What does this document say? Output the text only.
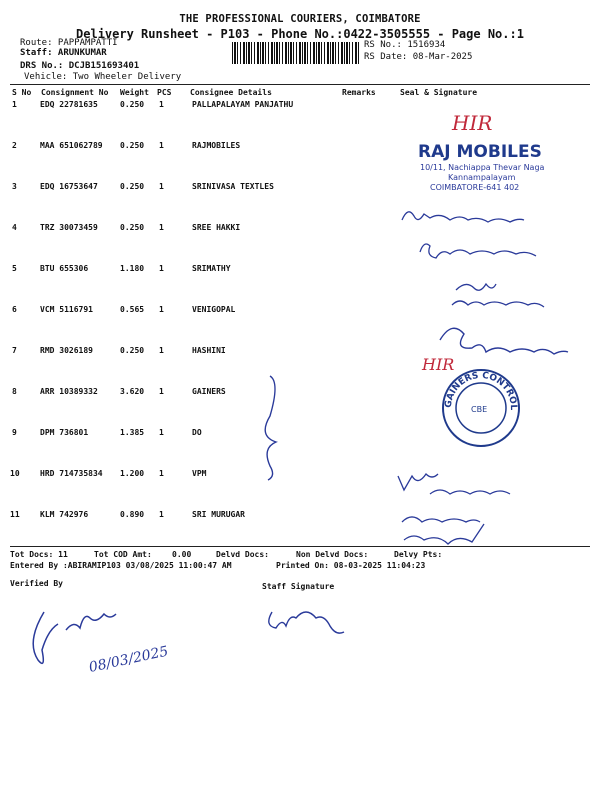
THE PROFESSIONAL COURIERS, COIMBATORE
Delivery Runsheet - P103 - Phone No.:0422-3505555 - Page No.:1
Route: PAPPAMPATTI
Staff: ARUNKUMAR
DRS No.: DCJB151693401
Vehicle: Two Wheeler Delivery
RS No.: 1516934
RS Date: 08-Mar-2025
S No Consignment No Weight PCS Consignee Details	Remarks	Seal & Signature
1	EDQ 22781635	0.250 1	PALLAPALAYAM PANJATHU
2	MAA 651062789 0.250 1	RAJMOBILES
3	EDQ 16753647	0.250 1	SRINIVASA TEXTLES
4	TRZ 30073459	0.250 1	SREE HAKKI
5	BTU 655306	1.180 1	SRIMATHY
6	VCM 5116791	0.565 1	VENIGOPAL
7	RMD 3026189	0.250 1	HASHINI
8	ARR 10389332	3.620 1	GAINERS
9	DPM 736801	1.385 1	DO
10	HRD 714735834 1.200 1	VPM
11	KLM 742976	0.890 1	SRI MURUGAR
HIR
RAJ MOBILES
10/11, Nachiappa Thevar Naga
Kannampalayam
COIMBATORE-641 402
HIR
GAINERS CONTROL
CBE
Tot Docs: 11	Tot COD Amt:	0.00	Delvd Docs:	Non Delvd Docs:	Delvy Pts:
Entered By :ABIRAMIP103 03/08/2025 11:00:47 AM	Printed On: 08-03-2025 11:04:23
Verified By	Staff Signature
08/03/2025
